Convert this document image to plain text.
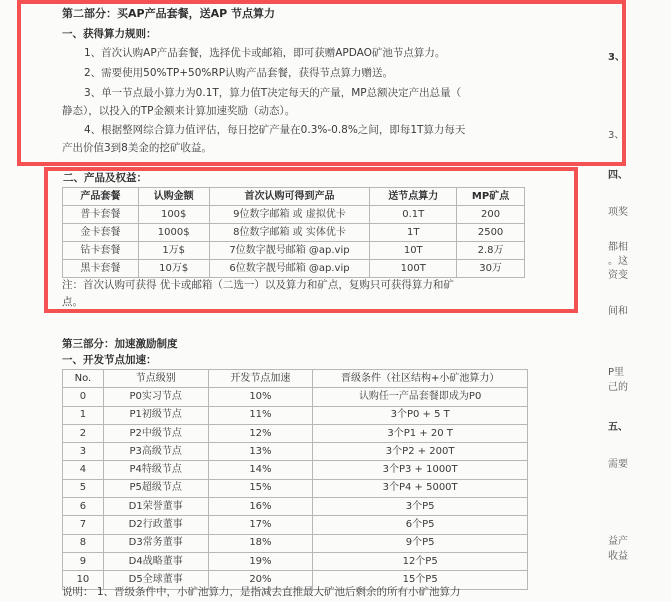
第二部分：买AP产品套餐，送AP 节点算力
一、获得算力规则：
1、首次认购AP产品套餐，选择优卡或邮箱，即可获赠APDAO矿池节点算力。
2、需要使用50%TP+50%RP认购产品套餐，获得节点算力赠送。
3、单一节点最小算力为0.1T，算力值T决定每天的产量，MP总额决定产出总量（
静态），以投入的TP金额来计算加速奖励（动态）。
4、根据整网综合算力值评估，每日挖矿产量在0.3%-0.8%之间，即每1T算力每天
产出价值3到8美金的挖矿收益。
二、产品及权益：
产品套餐	认购金额	首次认购可得到产品	送节点算力	MP矿点
普卡套餐	100$	9位数字邮箱 或 虚拟优卡	0.1T	200
金卡套餐	1000$	8位数字邮箱 或 实体优卡	1T	2500
钻卡套餐	1万$	7位数字靓号邮箱 @ap.vip	10T	2.8万
黑卡套餐	10万$	6位数字靓号邮箱 @ap.vip	100T	30万
注：首次认购可获得 优卡或邮箱（二选一）以及算力和矿点，复购只可获得算力和矿
点。
第三部分：加速激励制度
一、开发节点加速：
No.	节点级别	开发节点加速	晋级条件（社区结构+小矿池算力）
0	P0实习节点	10%	认购任一产品套餐即成为P0
1	P1初级节点	11%	3个P0 + 5 T
2	P2中级节点	12%	3个P1 + 20 T
3	P3高级节点	13%	3个P2 + 200T
4	P4特级节点	14%	3个P3 + 1000T
5	P5超级节点	15%	3个P4 + 5000T
6	D1荣誉董事	16%	3个P5
7	D2行政董事	17%	6个P5
8	D3常务董事	18%	9个P5
9	D4战略董事	19%	12个P5
10	D5全球董事	20%	15个P5
说明： 1、晋级条件中，小矿池算力，是指减去直推最大矿池后剩余的所有小矿池算力
3、
3、
四、
项奖
都相
。这
资变
间和
P里
己的
五、
需要
益产
收益
